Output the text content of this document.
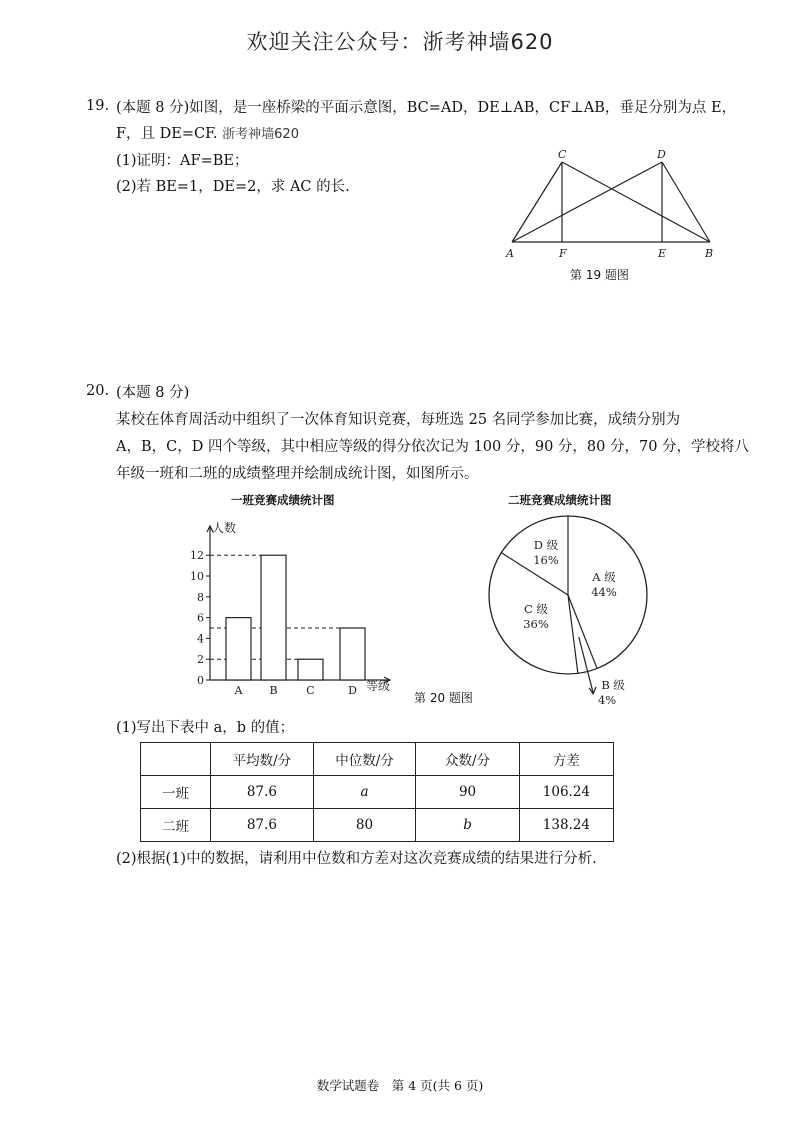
欢迎关注公众号：浙考神墙620
19. (本题 8 分)如图，是一座桥梁的平面示意图，BC=AD，DE⊥AB，CF⊥AB，垂足分别为点 E，
F，且 DE=CF. 浙考神墙620
(1)证明：AF=BE；
(2)若 BE=1，DE=2，求 AC 的长.
C	D
A	F	E	B
第 19 题图
20. (本题 8 分)
某校在体育周活动中组织了一次体育知识竞赛，每班选 25 名同学参加比赛，成绩分别为
A，B，C，D 四个等级，其中相应等级的得分依次记为 100 分，90 分，80 分，70 分，学校将八
年级一班和二班的成绩整理并绘制成统计图，如图所示。
一班竞赛成绩统计图
0
2
4
6
8
10
12
A B	C	D
人数
等级
二班竞赛成绩统计图
A 级
44%
B 级
4%
C 级
36%
D 级
16%
第 20 题图
(1)写出下表中 a，b 的值；
	平均数/分	中位数/分	众数/分	方差
一班	87.6	a	90	106.24
二班	87.6	80	b	138.24
(2)根据(1)中的数据，请利用中位数和方差对这次竞赛成绩的结果进行分析.
数学试题卷　第 4 页(共 6 页)
